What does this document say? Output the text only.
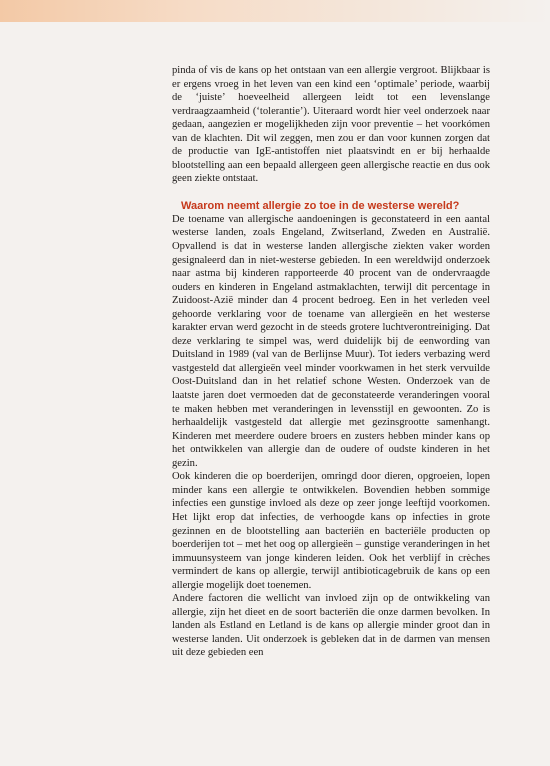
pinda of vis de kans op het ontstaan van een allergie vergroot. Blijkbaar is er ergens vroeg in het leven van een kind een ‘optimale’ periode, waarbij de ‘juiste’ hoeveelheid allergeen leidt tot een levenslange verdraagzaamheid (‘tolerantie’). Uiteraard wordt hier veel onderzoek naar gedaan, aangezien er mogelijkheden zijn voor preventie – het voorkómen van de klachten. Dit wil zeggen, men zou er dan voor kunnen zorgen dat de productie van IgE-antistoffen niet plaatsvindt en er bij herhaalde blootstelling aan een bepaald allergeen geen allergische reactie en dus ook geen ziekte ontstaat.

Waarom neemt allergie zo toe in de westerse wereld?

De toename van allergische aandoeningen is geconstateerd in een aantal westerse landen, zoals Engeland, Zwitserland, Zweden en Australië. Opvallend is dat in westerse landen allergische ziekten vaker worden gesignaleerd dan in niet-westerse gebieden. In een wereldwijd onderzoek naar astma bij kinderen rapporteerde 40 procent van de ondervraagde ouders en kinderen in Engeland astmaklachten, terwijl dit percentage in Zuidoost-Azië minder dan 4 procent bedroeg. Een in het verleden veel gehoorde verklaring voor de toename van allergieën en het westerse karakter ervan werd gezocht in de steeds grotere luchtverontreiniging. Dat deze verklaring te simpel was, werd duidelijk bij de eenwording van Duitsland in 1989 (val van de Berlijnse Muur). Tot ieders verbazing werd vastgesteld dat allergieën veel minder voorkwamen in het sterk vervuilde Oost-Duitsland dan in het relatief schone Westen. Onderzoek van de laatste jaren doet vermoeden dat de geconstateerde veranderingen vooral te maken hebben met veranderingen in levensstijl en gewoonten. Zo is herhaaldelijk vastgesteld dat allergie met gezinsgrootte samenhangt. Kinderen met meerdere oudere broers en zusters hebben minder kans op het ontwikkelen van allergie dan de oudere of oudste kinderen in het gezin.

Ook kinderen die op boerderijen, omringd door dieren, opgroeien, lopen minder kans een allergie te ontwikkelen. Bovendien hebben sommige infecties een gunstige invloed als deze op zeer jonge leeftijd voorkomen. Het lijkt erop dat infecties, de verhoogde kans op infecties in grote gezinnen en de blootstelling aan bacteriën en bacteriële producten op boerderijen tot – met het oog op allergieën – gunstige veranderingen in het immuunsysteem van jonge kinderen leiden. Ook het verblijf in crèches vermindert de kans op allergie, terwijl antibioticagebruik de kans op een allergie mogelijk doet toenemen.

Andere factoren die wellicht van invloed zijn op de ontwikkeling van allergie, zijn het dieet en de soort bacteriën die onze darmen bevolken. In landen als Estland en Letland is de kans op allergie minder groot dan in westerse landen. Uit onderzoek is gebleken dat in de darmen van mensen uit deze gebieden een
